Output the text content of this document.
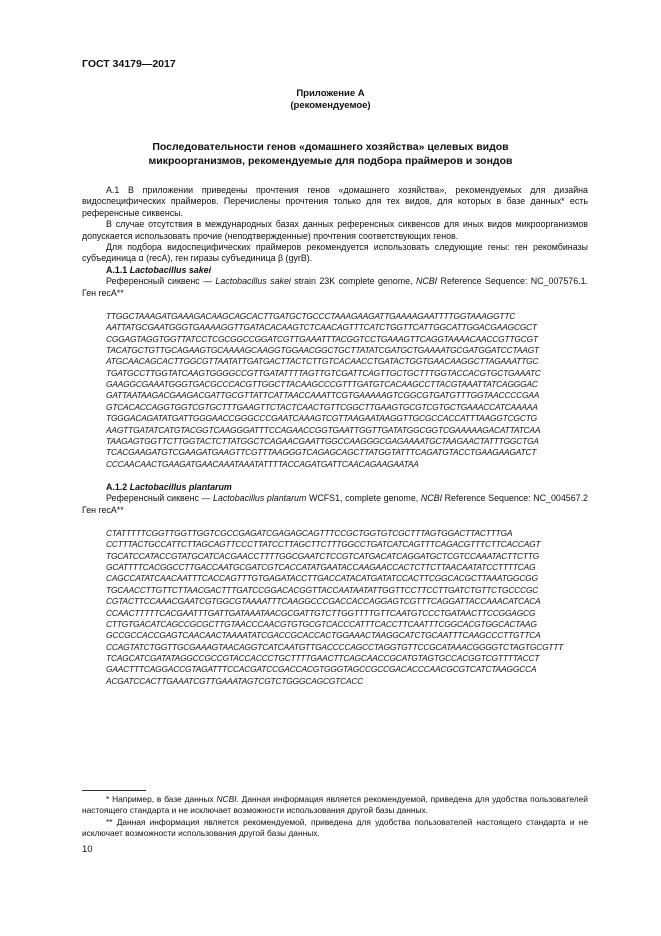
ГОСТ 34179—2017
Приложение А
(рекомендуемое)
Последовательности генов «домашнего хозяйства» целевых видов
микроорганизмов, рекомендуемые для подбора праймеров и зондов

А.1 В приложении приведены прочтения генов «домашнего хозяйства», рекомендуемых для дизайна видоспецифических праймеров. Перечислены прочтения только для тех видов, для которых в базе данных* есть референсные сиквенсы.

В случае отсутствия в международных базах данных референсных сиквенсов для иных видов микроорганизмов допускается использовать прочие (неподтвержденные) прочтения соответствующих генов.

Для подбора видоспецифических праймеров рекомендуется использовать следующие гены: ген рекомбиназы субъединица α (recA), ген гиразы субъединица β (gyrB).

А.1.1 Lactobacillus sakei

Референсный сиквенс — Lactobacillus sakei strain 23K complete genome, NCBI Reference Sequence: NC_007576.1. Ген recA**

TTGGCTAAAGATGAAAGACAAGCAGCACTTGATGCTGCCCTAAAGAAGATTGAAAAGAATTTTGGTAAAGGTTC
AATTATGCGAATGGGTGAAAAGGTTGATACACAAGTCTCAACAGTTTCATCTGGTTCATTGGCATTGGACGAAGCGCT
CGGAGTAGGTGGTTATCCTCGCGGCCGGATCGTTGAAATTTACGGTCCTGAAAGTTCAGGTAAAACAACCGTTGCGT
TACATGCTGTTGCAGAAGTGCAAAAGCAAGGTGGAACGGCTGCTTATATCGATGCTGAAAATGCGATGGATCCTAAGT
ATGCAACAGCACTTGGCGTTAATATTGATGACTTACTCTTGTCACAACCTGATACTGGTGAACAAGGCTTAGAAATTGC
TGATGCCTTGGTATCAAGTGGGGCCGTTGATATTTTAGTTGTCGATTCAGTTGCTGCTTTGGTACCACGTGCTGAAATC
GAAGGCGAAATGGGTGACGCCCACGTTGGCTTACAAGCCCGTTTGATGTCACAAGCCTTACGTAAATTATCAGGGAC
GATTAATAAGACGAAGACGATTGCGTTATTCATTAACCAAATTCGTGAAAAAGTCGGCGTGATGTTTGGTAACCCCGAA
GTCACACCAGGTGGTCGTGCTTTGAAGTTCTACTCAACTGTTCGGCTTGAAGTGCGTCGTGCTGAAACCATCAAAAA
TGGGACAGATATGATTGGGAACCGGGCCCGAATCAAAGTCGTTAAGAATAAGGTTGCGCCACCATTTAAGGTCGCTG
AAGTTGATATCATGTACGGTCAAGGGATTTCCAGAACCGGTGAATTGGTTGATATGGCGGTCGAAAAAGACATTATCAA
TAAGAGTGGTTCTTGGTACTCTTATGGCTCAGAACGAATTGGCCAAGGGCGAGAAAATGCTAAGAACTATTTGGCTGA
TCACGAAGATGTCGAAGATGAAGTTCGTTTAAGGGTCAGAGCAGCTTATGGTATTTCAGATGTACCTGAAGAAGATCT
CCCAACAACTGAAGATGAACAAATAAATATTTTACCAGATGATTCAACAGAAGAATAA
А.1.2 Lactobacillus plantarum

Референсный сиквенс — Lactobacillus plantarum WCFS1, complete genome, NCBI Reference Sequence: NC_004567.2 Ген recA**

CTATTTTTCGGTTGGTTGGTCGCCGAGATCGAGAGCAGTTTCCGCTGGTGTCGCTTTAGTGGACTTACTTTGA
CCTTTACTGCCATTCTTAGCAGTTCCCTTATCCTTAGCTTCTTTGGCCTGATCATCAGTTTCAGACGTTTCTTCACCAGT
TGCATCCATACCGTATGCATCACGAACCTTTTGGCGAATCTCCGTCATGACATCAGGATGCTCGTCCAAATACTTCTTG
GCATTTTCACGGCCTTGACCAATGCGATCGTCACCATATGAATACCAAGAACCACTCTTCTTAACAATATCCTTTTCAG
CAGCCATATCAACAATTTCACCAGTTTGTGAGATACCTTGACCATACATGATATCCACTTCGGCACGCTTAAATGGCGG
TGCAACCTTGTTCTTAACGACTTTGATCCGGACACGGTTACCAATAATATTGGTTCCTTCCTTGATCTGTTCTGCCCGC
CGTACTTCCAAACGAATCGTGGCGTAAAATTTCAAGGCCCGACCACCAGGAGTCGTTTCAGGATTACCAAACATCACA
CCAACTTTTTCACGAATTTGATTGATAAATAACGCGATTGTCTTGGTTTTGTTCAATGTCCCTGATAACTTCCGGAGCG
CTTGTGACATCAGCCGCGCTTGTAACCCAACGTGTGCGTCACCCATTTCACCTTCAATTTCGGCACGTGGCACTAAG
GCCGCCACCGAGTCAACAACTAAAATATCGACCGCACCACTGGAAACTAAGGCATCTGCAATTTCAAGCCCTTGTTCA
CCAGTATCTGGTTGCGAAAGTAACAGGTCATCAATGTTGACCCCAGCCTAGGTGTTCCGCATAAACGGGGTCTAGTGCGTTT
TCAGCATCGATATAGGCCGCCGTACCACCCTGCTTTTGAACTTCAGCAACCGCATGTAGTGCCACGGTCGTTTTACCT
GAACTTTCAGGACCGTAGATTTCCACGATCCGACCACGTGGGTAGCCGCCGACACCCAACGCGTCATCTAAGGCCA
ACGATCCACTTGAAATCGTTGAAATAGTCGTCTGGGCAGCGTCACC
* Например, в базе данных NCBI. Данная информация является рекомендуемой, приведена для удобства пользователей настоящего стандарта и не исключает возможности использования другой базы данных.
** Данная информация является рекомендуемой, приведена для удобства пользователей настоящего стандарта и не исключает возможности использования другой базы данных.
10
